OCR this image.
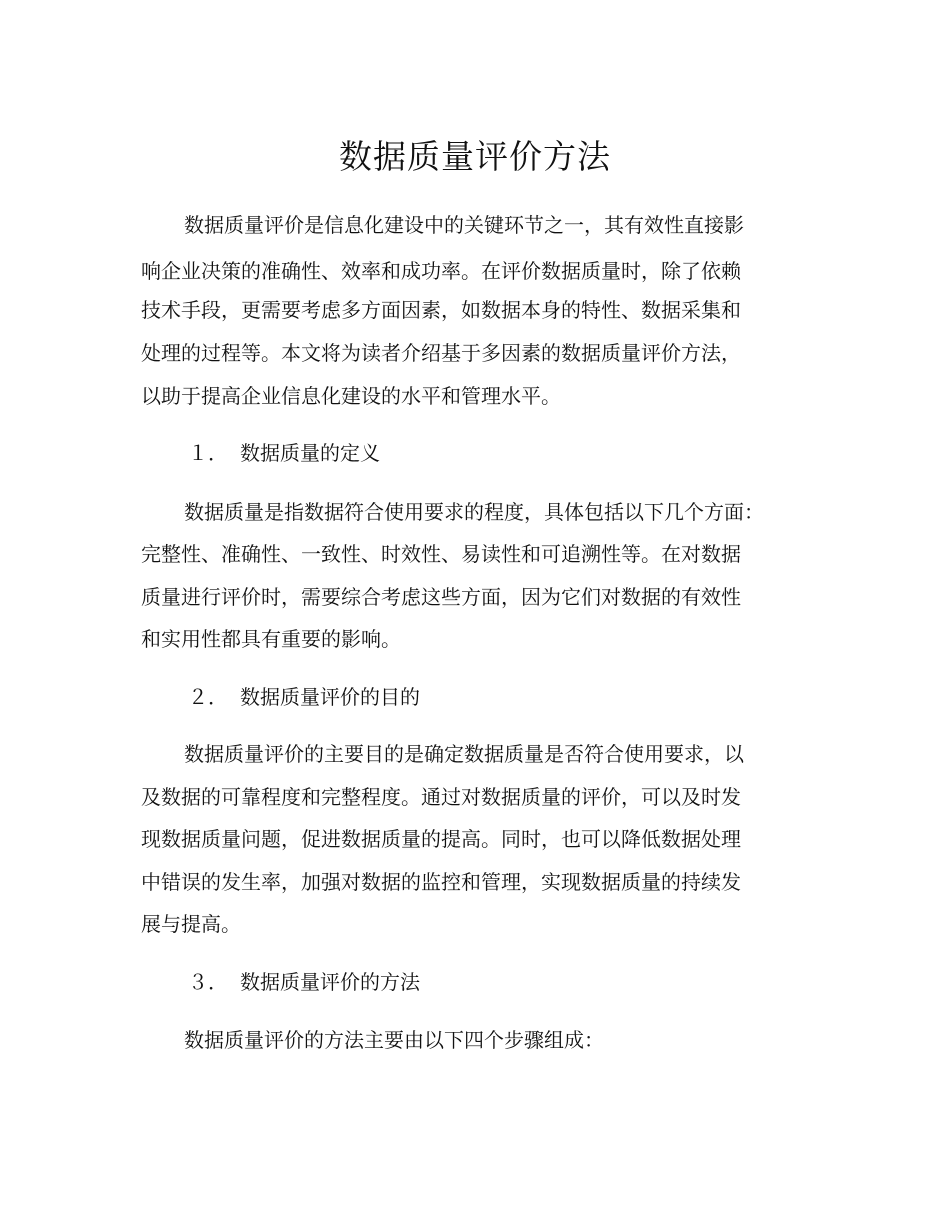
数据质量评价方法

数据质量评价是信息化建设中的关键环节之一，其有效性直接影

响企业决策的准确性、效率和成功率。在评价数据质量时，除了依赖

技术手段，更需要考虑多方面因素，如数据本身的特性、数据采集和

处理的过程等。本文将为读者介绍基于多因素的数据质量评价方法，

以助于提高企业信息化建设的水平和管理水平。

１． 数据质量的定义

数据质量是指数据符合使用要求的程度，具体包括以下几个方面：

完整性、准确性、一致性、时效性、易读性和可追溯性等。在对数据

质量进行评价时，需要综合考虑这些方面，因为它们对数据的有效性

和实用性都具有重要的影响。

２． 数据质量评价的目的

数据质量评价的主要目的是确定数据质量是否符合使用要求，以

及数据的可靠程度和完整程度。通过对数据质量的评价，可以及时发

现数据质量问题，促进数据质量的提高。同时，也可以降低数据处理

中错误的发生率，加强对数据的监控和管理，实现数据质量的持续发

展与提高。

３． 数据质量评价的方法

数据质量评价的方法主要由以下四个步骤组成：
